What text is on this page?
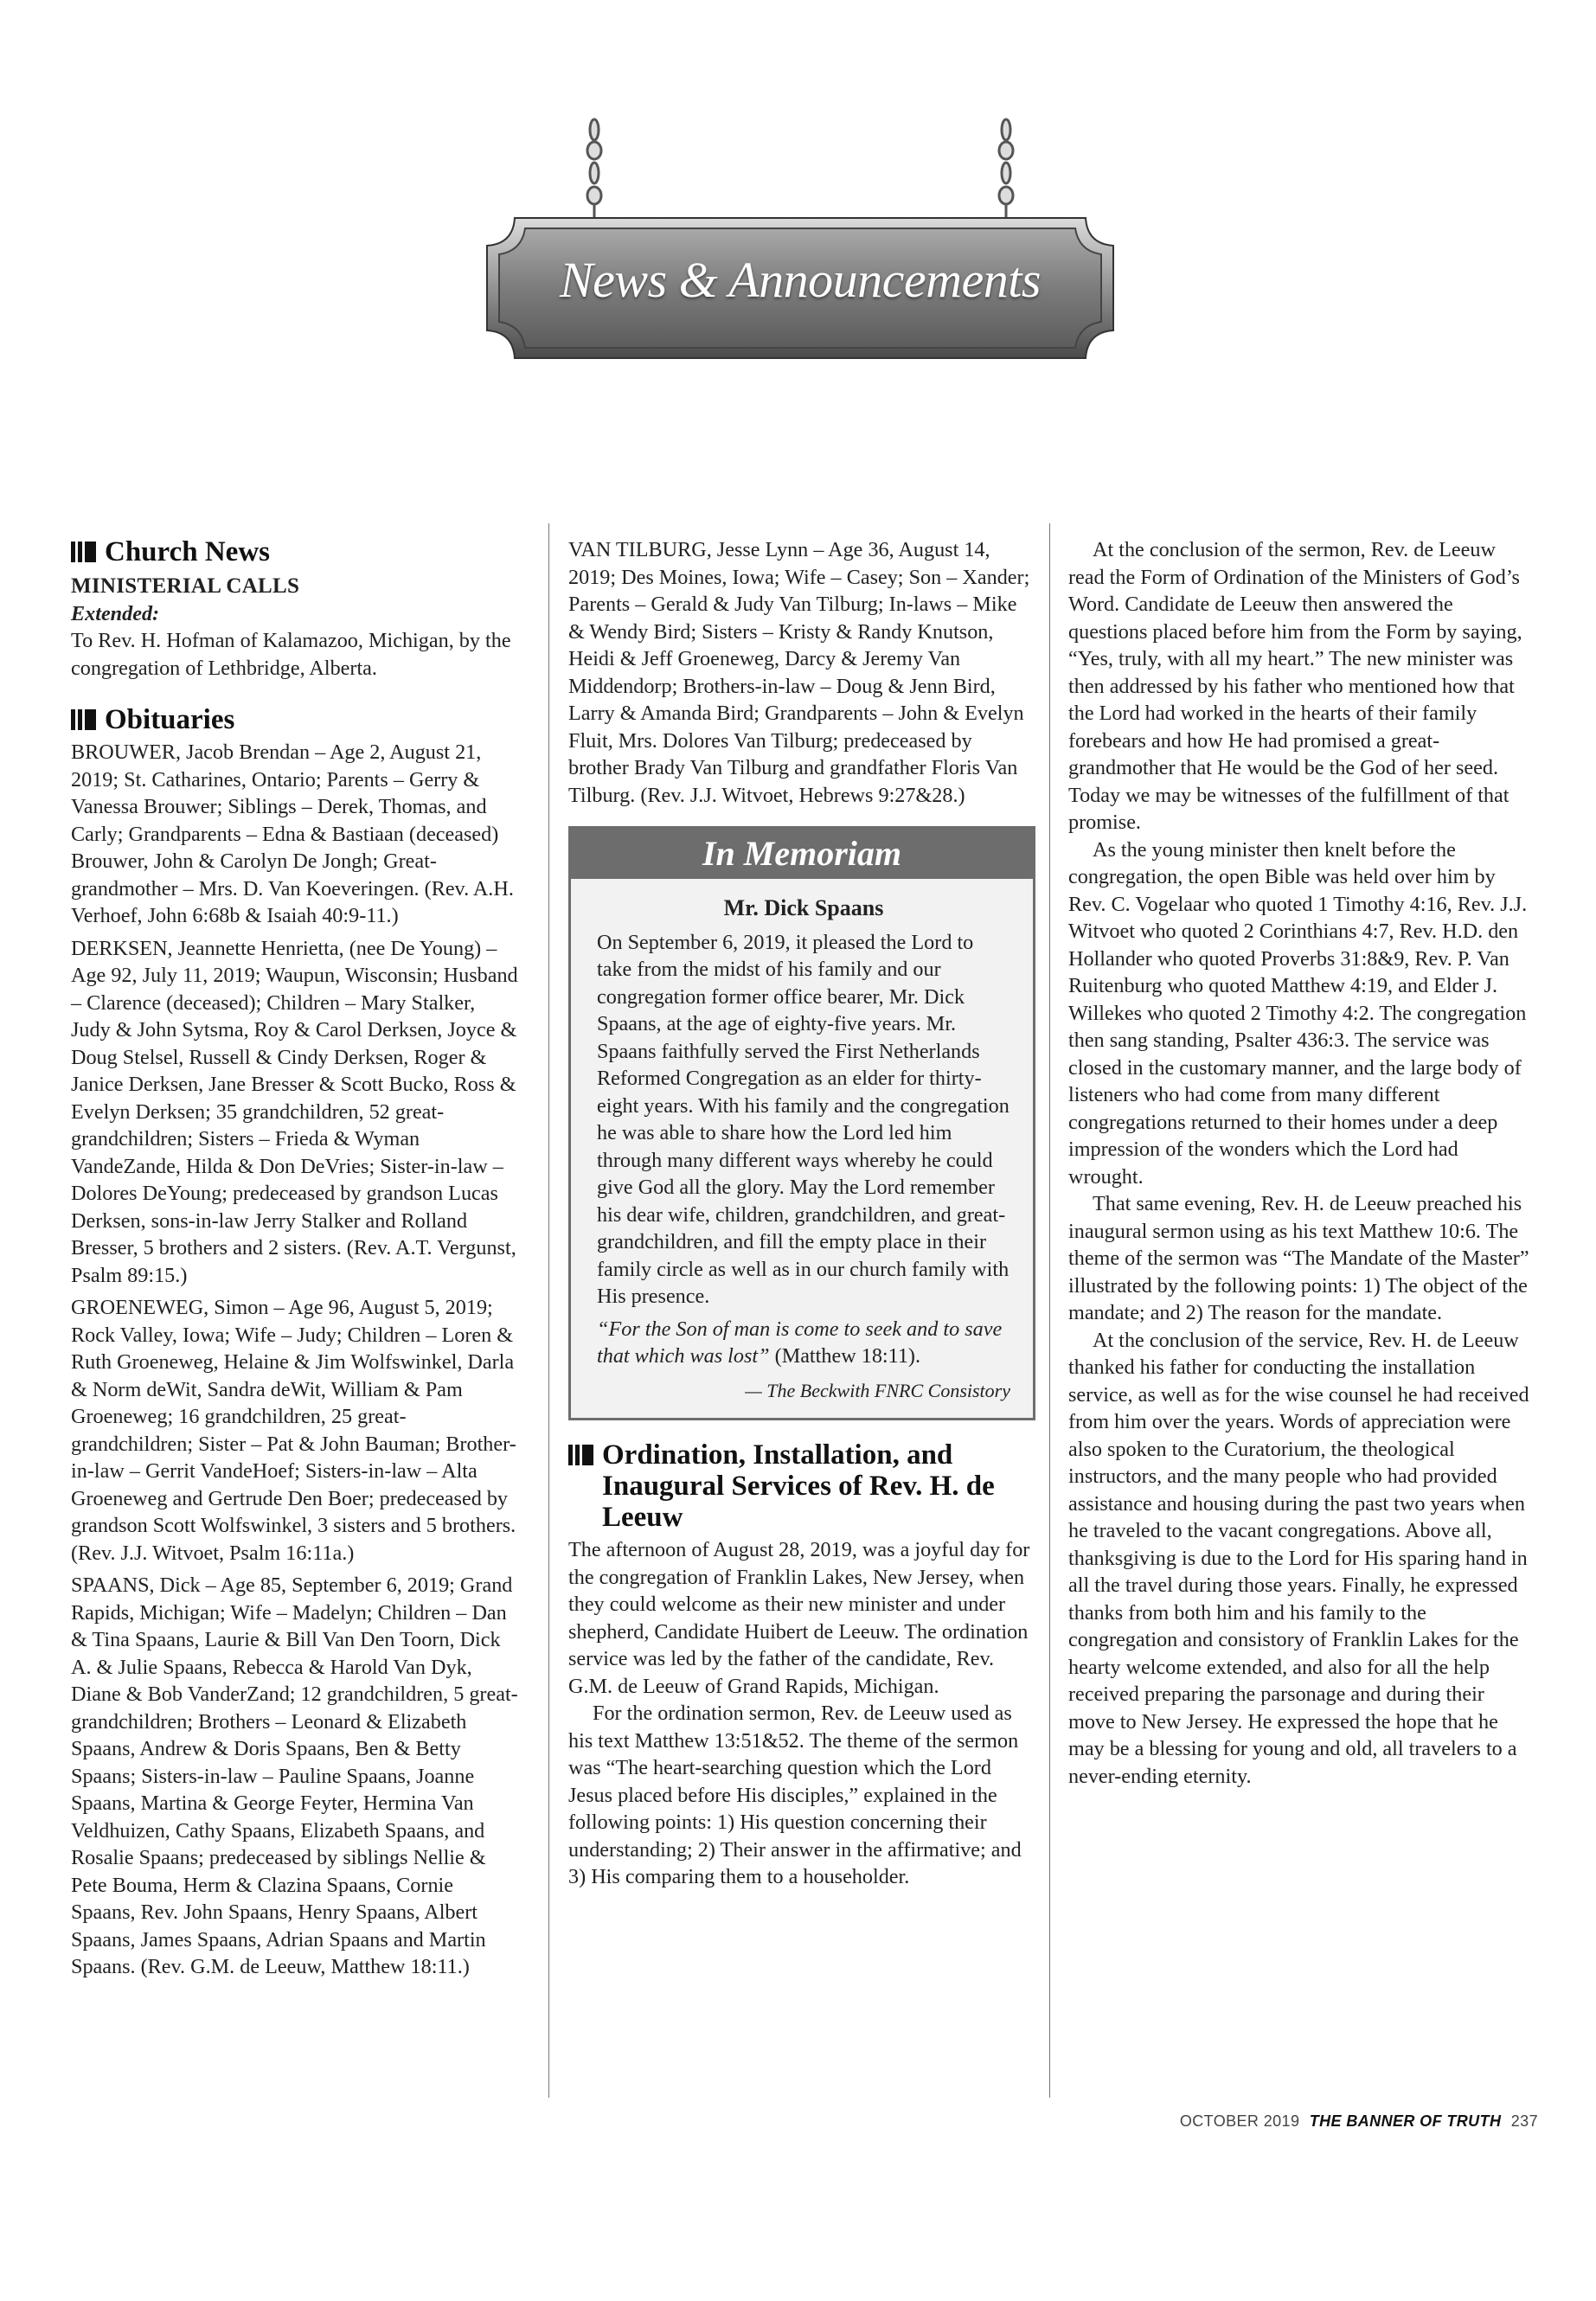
News & Announcements
Church News
MINISTERIAL CALLS
Extended:

To Rev. H. Hofman of Kalamazoo, Michigan, by the congregation of Lethbridge, Alberta.

Obituaries

BROUWER, Jacob Brendan – Age 2, August 21, 2019; St. Catharines, Ontario; Parents – Gerry & Vanessa Brouwer; Siblings – Derek, Thomas, and Carly; Grandparents – Edna & Bastiaan (deceased) Brouwer, John & Carolyn De Jongh; Great-grandmother – Mrs. D. Van Koeveringen. (Rev. A.H. Verhoef, John 6:68b & Isaiah 40:9-11.)

DERKSEN, Jeannette Henrietta, (nee De Young) – Age 92, July 11, 2019; Waupun, Wisconsin; Husband – Clarence (deceased); Children – Mary Stalker, Judy & John Sytsma, Roy & Carol Derksen, Joyce & Doug Stelsel, Russell & Cindy Derksen, Roger & Janice Derksen, Jane Bresser & Scott Bucko, Ross & Evelyn Derksen; 35 grandchildren, 52 great-grandchildren; Sisters – Frieda & Wyman VandeZande, Hilda & Don DeVries; Sister-in-law – Dolores DeYoung; predeceased by grandson Lucas Derksen, sons-in-law Jerry Stalker and Rolland Bresser, 5 brothers and 2 sisters. (Rev. A.T. Vergunst, Psalm 89:15.)

GROENEWEG, Simon – Age 96, August 5, 2019; Rock Valley, Iowa; Wife – Judy; Children – Loren & Ruth Groeneweg, Helaine & Jim Wolfswinkel, Darla & Norm deWit, Sandra deWit, William & Pam Groeneweg; 16 grandchildren, 25 great-grandchildren; Sister – Pat & John Bauman; Brother-in-law – Gerrit VandeHoef; Sisters-in-law – Alta Groeneweg and Gertrude Den Boer; predeceased by grandson Scott Wolfswinkel, 3 sisters and 5 brothers. (Rev. J.J. Witvoet, Psalm 16:11a.)

SPAANS, Dick – Age 85, September 6, 2019; Grand Rapids, Michigan; Wife – Madelyn; Children – Dan & Tina Spaans, Laurie & Bill Van Den Toorn, Dick A. & Julie Spaans, Rebecca & Harold Van Dyk, Diane & Bob VanderZand; 12 grandchildren, 5 great-grandchildren; Brothers – Leonard & Elizabeth Spaans, Andrew & Doris Spaans, Ben & Betty Spaans; Sisters-in-law – Pauline Spaans, Joanne Spaans, Martina & George Feyter, Hermina Van Veldhuizen, Cathy Spaans, Elizabeth Spaans, and Rosalie Spaans; predeceased by siblings Nellie & Pete Bouma, Herm & Clazina Spaans, Cornie Spaans, Rev. John Spaans, Henry Spaans, Albert Spaans, James Spaans, Adrian Spaans and Martin Spaans. (Rev. G.M. de Leeuw, Matthew 18:11.)

VAN TILBURG, Jesse Lynn – Age 36, August 14, 2019; Des Moines, Iowa; Wife – Casey; Son – Xander; Parents – Gerald & Judy Van Tilburg; In-laws – Mike & Wendy Bird; Sisters – Kristy & Randy Knutson, Heidi & Jeff Groeneweg, Darcy & Jeremy Van Middendorp; Brothers-in-law – Doug & Jenn Bird, Larry & Amanda Bird; Grandparents – John & Evelyn Fluit, Mrs. Dolores Van Tilburg; predeceased by brother Brady Van Tilburg and grandfather Floris Van Tilburg. (Rev. J.J. Witvoet, Hebrews 9:27&28.)

In Memoriam
Mr. Dick Spaans

On September 6, 2019, it pleased the Lord to take from the midst of his family and our congregation former office bearer, Mr. Dick Spaans, at the age of eighty-five years. Mr. Spaans faithfully served the First Netherlands Reformed Congregation as an elder for thirty-eight years. With his family and the congregation he was able to share how the Lord led him through many different ways whereby he could give God all the glory. May the Lord remember his dear wife, children, grandchildren, and great-grandchildren, and fill the empty place in their family circle as well as in our church family with His presence.

“For the Son of man is come to seek and to save that which was lost” (Matthew 18:11).
— The Beckwith FNRC Consistory
Ordination, Installation, and Inaugural Services of Rev. H. de Leeuw

The afternoon of August 28, 2019, was a joyful day for the congregation of Franklin Lakes, New Jersey, when they could welcome as their new minister and under shepherd, Candidate Huibert de Leeuw. The ordination service was led by the father of the candidate, Rev. G.M. de Leeuw of Grand Rapids, Michigan.

For the ordination sermon, Rev. de Leeuw used as his text Matthew 13:51&52. The theme of the sermon was “The heart-searching question which the Lord Jesus placed before His disciples,” explained in the following points: 1) His question concerning their understanding; 2) Their answer in the affirmative; and 3) His comparing them to a householder.

At the conclusion of the sermon, Rev. de Leeuw read the Form of Ordination of the Ministers of God’s Word. Candidate de Leeuw then answered the questions placed before him from the Form by saying, “Yes, truly, with all my heart.” The new minister was then addressed by his father who mentioned how that the Lord had worked in the hearts of their family forebears and how He had promised a great-grandmother that He would be the God of her seed. Today we may be witnesses of the fulfillment of that promise.

As the young minister then knelt before the congregation, the open Bible was held over him by Rev. C. Vogelaar who quoted 1 Timothy 4:16, Rev. J.J. Witvoet who quoted 2 Corinthians 4:7, Rev. H.D. den Hollander who quoted Proverbs 31:8&9, Rev. P. Van Ruitenburg who quoted Matthew 4:19, and Elder J. Willekes who quoted 2 Timothy 4:2. The congregation then sang standing, Psalter 436:3. The service was closed in the customary manner, and the large body of listeners who had come from many different congregations returned to their homes under a deep impression of the wonders which the Lord had wrought.

That same evening, Rev. H. de Leeuw preached his inaugural sermon using as his text Matthew 10:6. The theme of the sermon was “The Mandate of the Master” illustrated by the following points: 1) The object of the mandate; and 2) The reason for the mandate.

At the conclusion of the service, Rev. H. de Leeuw thanked his father for conducting the installation service, as well as for the wise counsel he had received from him over the years. Words of appreciation were also spoken to the Curatorium, the theological instructors, and the many people who had provided assistance and housing during the past two years when he traveled to the vacant congregations. Above all, thanksgiving is due to the Lord for His sparing hand in all the travel during those years. Finally, he expressed thanks from both him and his family to the congregation and consistory of Franklin Lakes for the hearty welcome extended, and also for all the help received preparing the parsonage and during their move to New Jersey. He expressed the hope that he may be a blessing for young and old, all travelers to a never-ending eternity.

OCTOBER 2019 THE BANNER OF TRUTH 237
